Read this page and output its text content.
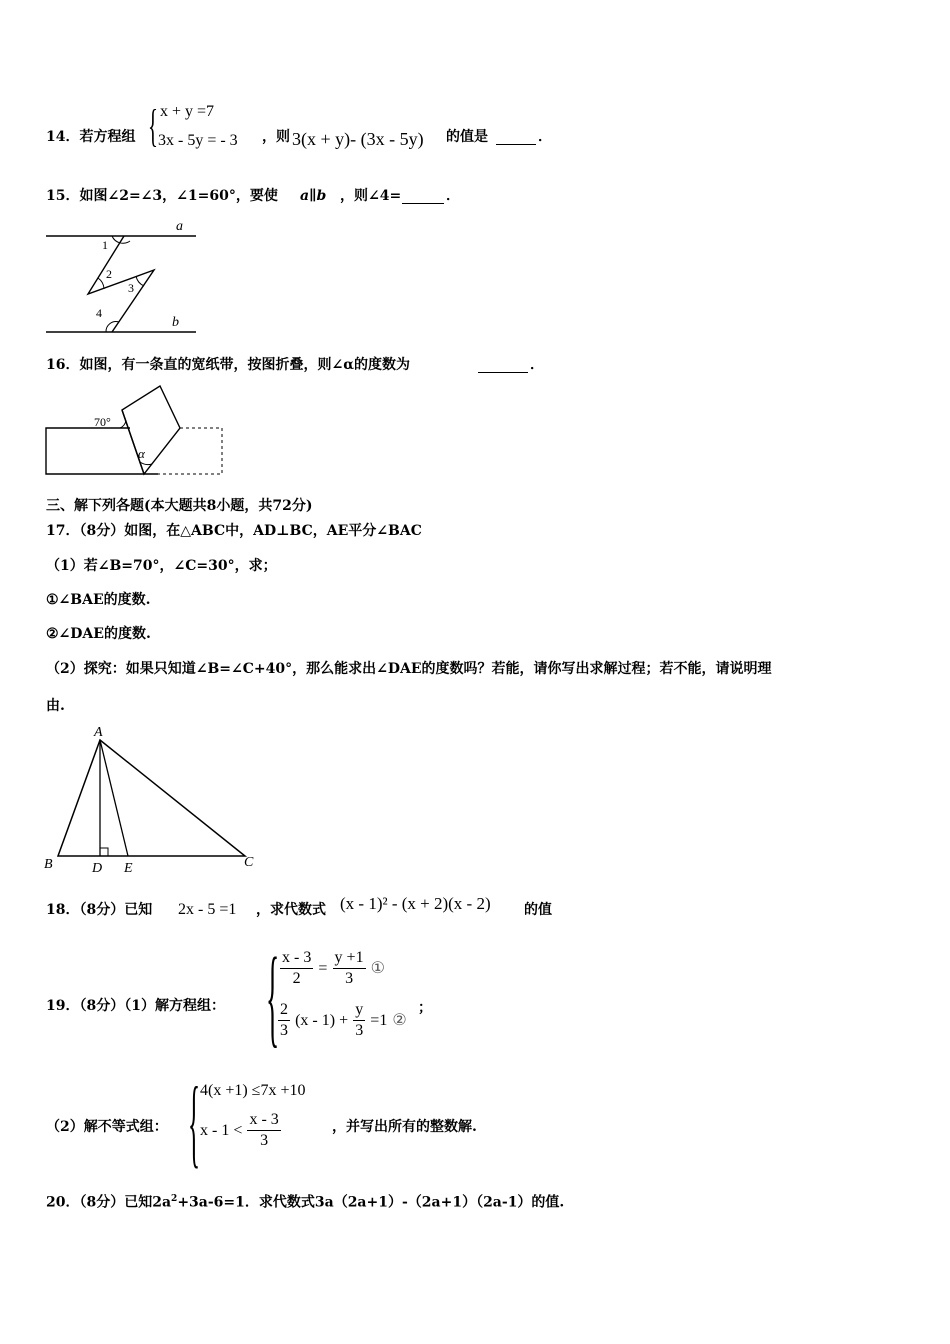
14．若方程组 { x + y =7
3x - 5y = - 3 ，则 3(x + y)- (3x - 5y) 的值是	．
15．如图∠2=∠3，∠1=60°，要使 a∥b ，则∠4=	．
a
b
1
2
3
4
16．如图，有一条直的宽纸带，按图折叠，则∠α的度数为	．
70°
α
三、解下列各题(本大题共8小题，共72分)
17．（8分）如图，在△ABC中，AD⊥BC，AE平分∠BAC
（1）若∠B=70°，∠C=30°，求；
①∠BAE的度数.
②∠DAE的度数.
（2）探究：如果只知道∠B=∠C+40°，那么能求出∠DAE的度数吗？若能，请你写出求解过程；若不能，请说明理
由.
A
B	C
D E
18．（8分）已知 2x - 5 =1 ，求代数式 (x - 1)² - (x + 2)(x - 2) 的值
19．（8分）（1）解方程组： { $\frac{x - 3}{2} = \frac{y +1}{3}$ ①
$\frac{2}{3} (x - 1) + \frac{y}{3} =1$ ②
；
（2）解不等式组： { 4(x +1) ≤7x +10
$x - 1 < \frac{x - 3}{3}$	，并写出所有的整数解.
20．（8分）已知$2a^2+3a-6=1$．求代数式3a（2a+1）-（2a+1）（2a-1）的值.
